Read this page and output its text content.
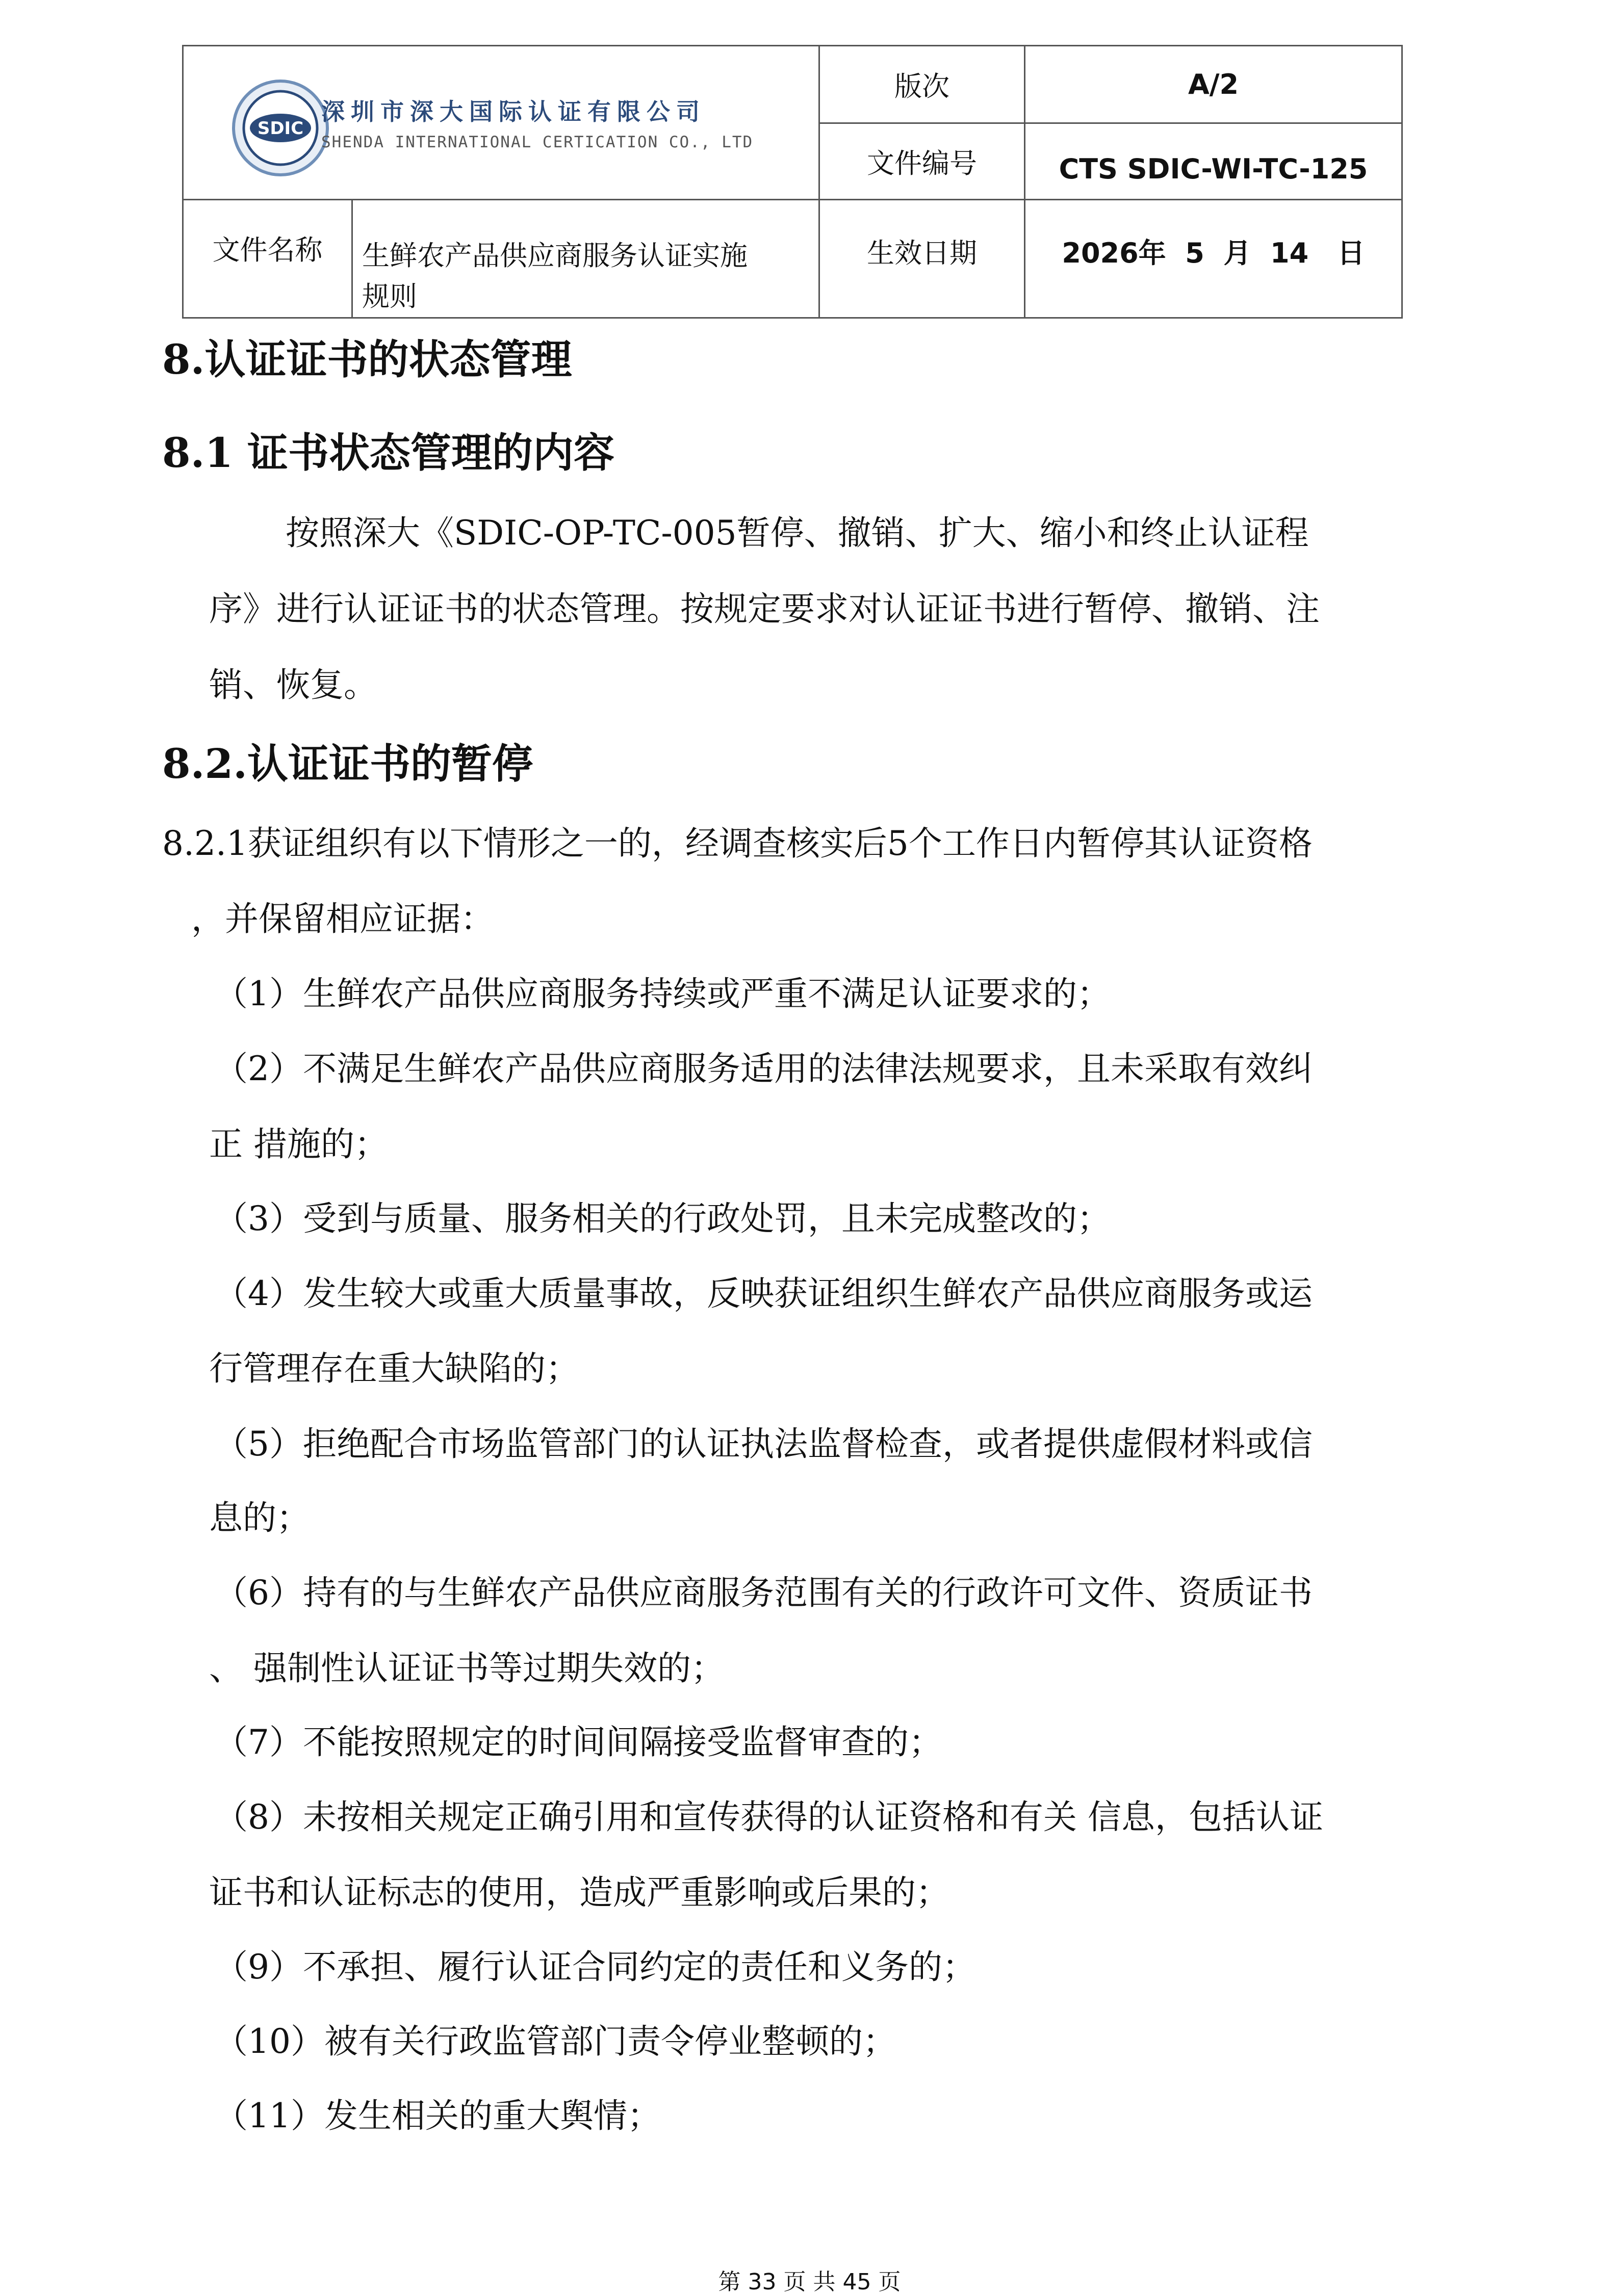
SDIC
深圳市深大国际认证有限公司
SHENDA INTERNATIONAL CERTICATION CO., LTD
版次	A/2
文件编号	CTS SDIC-WI-TC-125
文件名称	生鲜农产品供应商服务认证实施
规则
生效日期	2026年  5  月  14   日
8.认证证书的状态管理
8.1 证书状态管理的内容
按照深大《SDIC-OP-TC-005暂停、撤销、扩大、缩小和终止认证程
序》进行认证证书的状态管理。按规定要求对认证证书进行暂停、撤销、注
销、恢复。
8.2.认证证书的暂停
8.2.1获证组织有以下情形之一的，经调查核实后5个工作日内暂停其认证资格
，并保留相应证据：
（1）生鲜农产品供应商服务持续或严重不满足认证要求的；
（2）不满足生鲜农产品供应商服务适用的法律法规要求，且未采取有效纠
正 措施的；
（3）受到与质量、服务相关的行政处罚，且未完成整改的；
（4）发生较大或重大质量事故，反映获证组织生鲜农产品供应商服务或运
行管理存在重大缺陷的；
（5）拒绝配合市场监管部门的认证执法监督检查，或者提供虚假材料或信
息的；
（6）持有的与生鲜农产品供应商服务范围有关的行政许可文件、资质证书
、 强制性认证证书等过期失效的；
（7）不能按照规定的时间间隔接受监督审查的；
（8）未按相关规定正确引用和宣传获得的认证资格和有关 信息，包括认证
证书和认证标志的使用，造成严重影响或后果的；
（9）不承担、履行认证合同约定的责任和义务的；
（10）被有关行政监管部门责令停业整顿的；
（11）发生相关的重大舆情；
第 33 页 共 45 页
